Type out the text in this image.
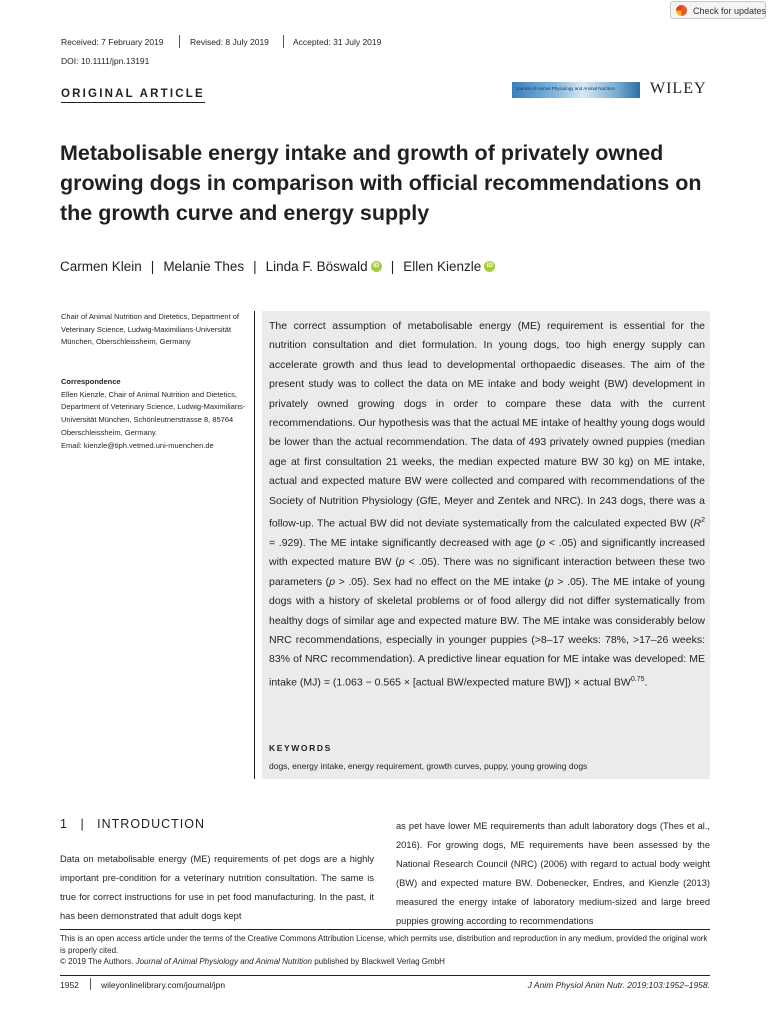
Check for updates
Received: 7 February 2019	Revised: 8 July 2019	Accepted: 31 July 2019
DOI: 10.1111/jpn.13191
ORIGINAL ARTICLE	Journal of Animal Physiology and Animal Nutrition WILEY
Metabolisable energy intake and growth of privately owned growing dogs in comparison with official recommendations on the growth curve and energy supply
Carmen Klein | Melanie Thes | Linda F. Böswald iD | Ellen Kienzle iD
Chair of Animal Nutrition and Dietetics, Department of Veterinary Science, Ludwig-Maximilians-Universität München, Oberschleissheim, Germany
Correspondence
Ellen Kienzle, Chair of Animal Nutrition and Dietetics, Department of Veterinary Science, Ludwig-Maximilians-Universität München, Schönleutnerstrasse 8, 85764 Oberschleissheim, Germany.
Email: kienzle@tiph.vetmed.uni-muenchen.de
The correct assumption of metabolisable energy (ME) requirement is essential for the nutrition consultation and diet formulation. In young dogs, too high energy supply can accelerate growth and thus lead to developmental orthopaedic diseases. The aim of the present study was to collect the data on ME intake and body weight (BW) development in privately owned growing dogs in order to compare these data with the current recommendations. Our hypothesis was that the actual ME intake of healthy young dogs would be lower than the actual recommendation. The data of 493 privately owned puppies (median age at first consultation 21 weeks, the median expected mature BW 30 kg) on ME intake, actual and expected mature BW were collected and compared with recommendations of the Society of Nutrition Physiology (GfE, Meyer and Zentek and NRC). In 243 dogs, there was a follow-up. The actual BW did not deviate systematically from the calculated expected BW $(R^2 = .929)$. The ME intake significantly decreased with age (p < .05) and significantly increased with expected mature BW (p < .05). There was no significant interaction between these two parameters (p > .05). Sex had no effect on the ME intake (p > .05). The ME intake of young dogs with a history of skeletal problems or of food allergy did not differ systematically from healthy dogs of similar age and expected mature BW. The ME intake was considerably below NRC recommendations, especially in younger puppies (>8–17 weeks: 78%, >17–26 weeks: 83% of NRC recommendation). A predictive linear equation for ME intake was developed: ME intake (MJ) = (1.063 − 0.565 × [actual BW/expected mature BW]) × actual $BW^{0.75}$.
KEYWORDS
dogs, energy intake, energy requirement, growth curves, puppy, young growing dogs
1 | INTRODUCTION
Data on metabolisable energy (ME) requirements of pet dogs are a highly important pre-condition for a veterinary nutrition consultation. The same is true for correct instructions for use in pet food manufacturing. In the past, it has been demonstrated that adult dogs kept
as pet have lower ME requirements than adult laboratory dogs (Thes et al., 2016). For growing dogs, ME requirements have been assessed by the National Research Council (NRC) (2006) with regard to actual body weight (BW) and expected mature BW. Dobenecker, Endres, and Kienzle (2013) measured the energy intake of laboratory medium-sized and large breed puppies growing according to recommendations
This is an open access article under the terms of the Creative Commons Attribution License, which permits use, distribution and reproduction in any medium, provided the original work is properly cited.
© 2019 The Authors. Journal of Animal Physiology and Animal Nutrition published by Blackwell Verlag GmbH
1952	wileyonlinelibrary.com/journal/jpn	J Anim Physiol Anim Nutr. 2019;103:1952–1958.
